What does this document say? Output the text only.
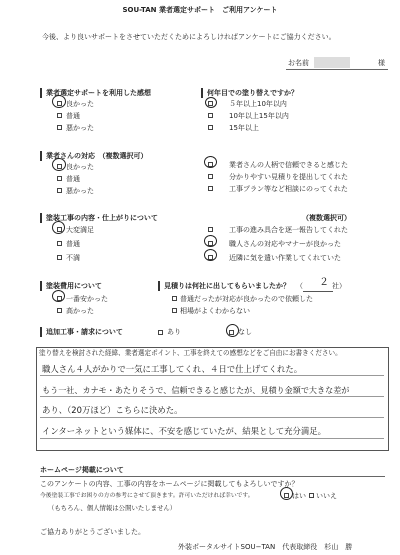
SOU-TAN 業者選定サポート　ご利用アンケート
今後、より良いサポートをさせていただくためによろしければアンケートにご協力ください。
お名前	様
業者選定サポートを利用した感想
良かった
普通
悪かった
何年目での塗り替えですか？
５年以上10年以内
10年以上15年以内
15年以上
業者さんの対応　（複数選択可）
良かった
普通
悪かった
業者さんの人柄で信頼できると感じた
分かりやすい見積りを提出してくれた
工事プラン等など相談にのってくれた
塗装工事の内容・仕上がりについて	（複数選択可）
大変満足
普通
不満
工事の進み具合を逐一報告してくれた
職人さんの対応やマナーが良かった
近隣に気を遣い作業してくれていた
塗装費用について	見積りは何社に出してもらいましたか？ （ ２ 社）
一番安かった
高かった
普通だったが対応が良かったので依頼した
相場がよくわからない
追加工事・請求について	あり	なし
塗り替えを検討された経緯、業者選定ポイント、工事を終えての感想などをご自由にお書きください。
職人さん４人がかりで一気に工事してくれ、４日で仕上げてくれた。
もう一社、カナモ・あたりそうで、信頼できると感じたが、見積り金額で大きな差が
あり、（20万ほど）こちらに決めた。
インターネットという媒体に、不安を感じていたが、結果として充分満足。
ホームページ掲載について
このアンケートの内容、工事の内容をホームページに掲載してもよろしいですか？
今後塗装工事でお困りの方の参考にさせて頂きます。許可いただければ幸いです。	はい いいえ
（もちろん、個人情報は公開いたしません）
ご協力ありがとうございました。
外装ポータルサイトSOU−TAN　代表取締役　杉山　勝
